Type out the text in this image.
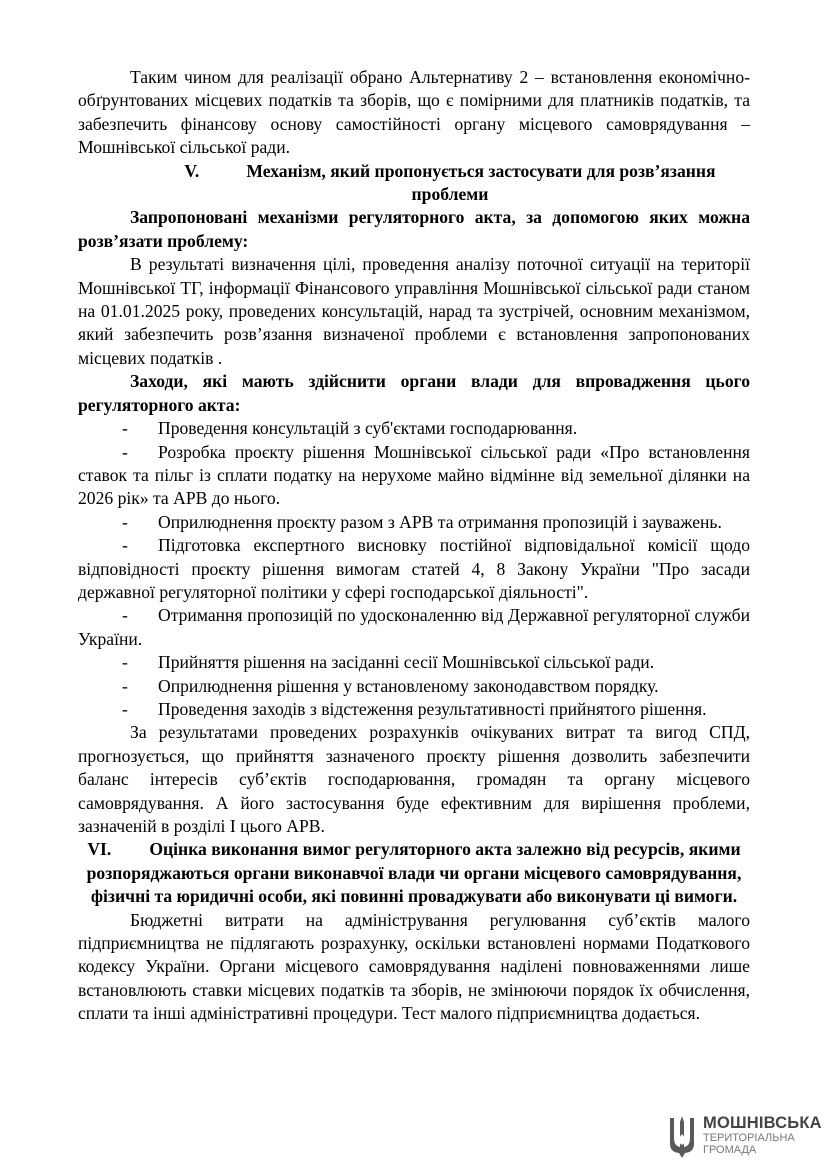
Таким чином для реалізації обрано Альтернативу 2 – встановлення економічно-обґрунтованих місцевих податків та зборів, що є помірними для платників податків, та забезпечить фінансову основу самостійності органу місцевого самоврядування – Мошнівської сільської ради.

V.	Механізм, який пропонується застосувати для розв’язання проблеми

Запропоновані механізми регуляторного акта, за допомогою яких можна розв’язати проблему:

В результаті визначення цілі, проведення аналізу поточної ситуації на території Мошнівської ТГ, інформації Фінансового управління Мошнівської сільської ради станом на 01.01.2025 року, проведених консультацій, нарад та зустрічей, основним механізмом, який забезпечить розв’язання визначеної проблеми є встановлення запропонованих місцевих податків .

Заходи, які мають здійснити органи влади для впровадження цього регуляторного акта:

- Проведення консультацій з суб'єктами господарювання.

- Розробка проєкту рішення Мошнівської сільської ради «Про встановлення ставок та пільг із сплати податку на нерухоме майно відмінне від земельної ділянки на 2026 рік» та АРВ до нього.

- Оприлюднення проєкту разом з АРВ та отримання пропозицій і зауважень.

- Підготовка експертного висновку постійної відповідальної комісії щодо відповідності проєкту рішення вимогам статей 4, 8 Закону України "Про засади державної регуляторної політики у сфері господарської діяльності".

- Отримання пропозицій по удосконаленню від Державної регуляторної служби України.

- Прийняття рішення на засіданні сесії Мошнівської сільської ради.

- Оприлюднення рішення у встановленому законодавством порядку.

- Проведення заходів з відстеження результативності прийнятого рішення.

За результатами проведених розрахунків очікуваних витрат та вигод СПД, прогнозується, що прийняття зазначеного проєкту рішення дозволить забезпечити баланс інтересів суб’єктів господарювання, громадян та органу місцевого самоврядування. А його застосування буде ефективним для вирішення проблеми, зазначеній в розділі І цього АРВ.

VI. Оцінка виконання вимог регуляторного акта залежно від ресурсів, якими розпоряджаються органи виконавчої влади чи органи місцевого самоврядування, фізичні та юридичні особи, які повинні проваджувати або виконувати ці вимоги.

Бюджетні витрати на адміністрування регулювання суб’єктів малого підприємництва не підлягають розрахунку, оскільки встановлені нормами Податкового кодексу України. Органи місцевого самоврядування наділені повноваженнями лише встановлюють ставки місцевих податків та зборів, не змінюючи порядок їх обчислення, сплати та інші адміністративні процедури. Тест малого підприємництва додається.

МОШНІВСЬКА
ТЕРИТОРІАЛЬНА
ГРОМАДА
